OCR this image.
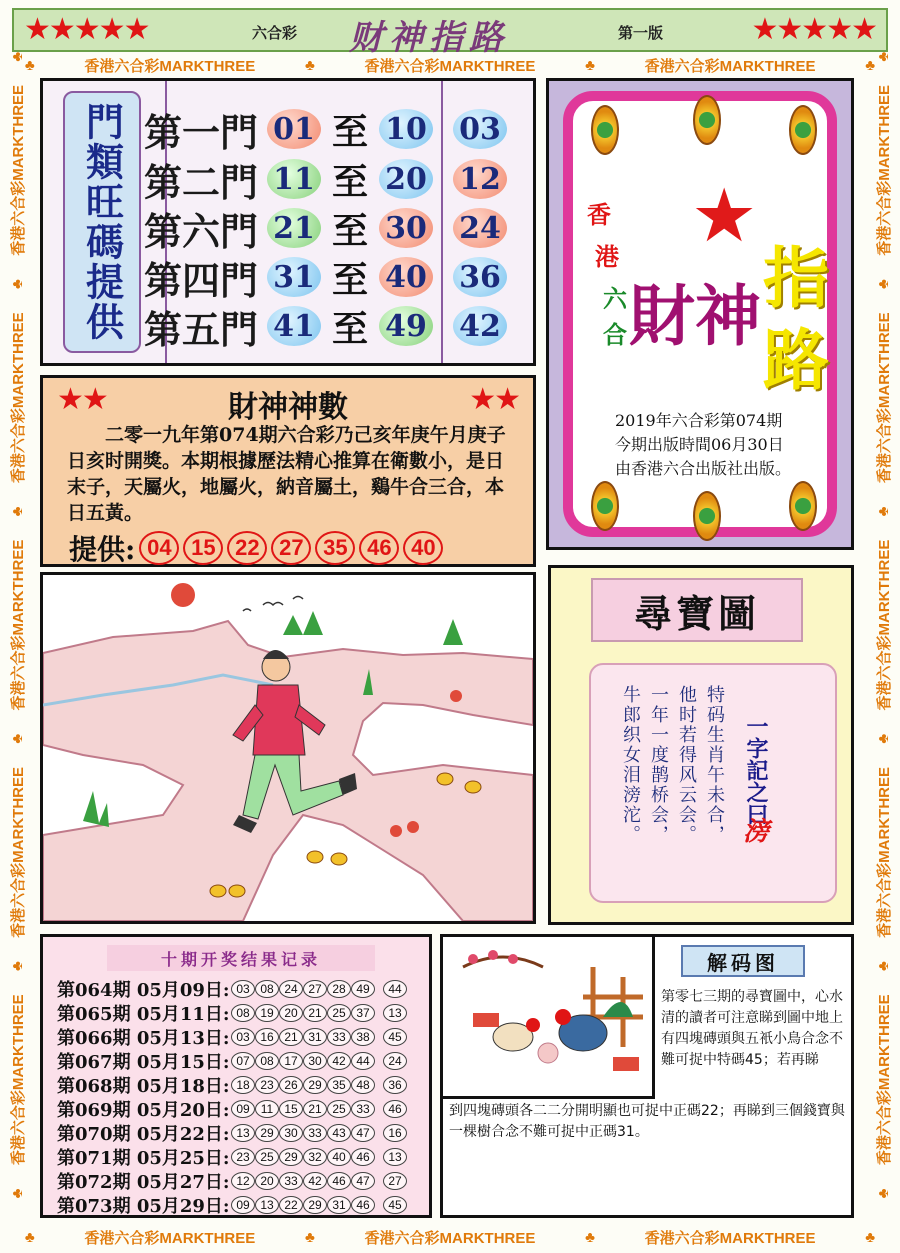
★★★★★	六合彩 财神指路	第一版	★★★★★
♣	香港六合彩MARKTHREE	♣	香港六合彩MARKTHREE	♣	香港六合彩MARKTHREE	♣
♣	香港六合彩MARKTHREE	♣	香港六合彩MARKTHREE	♣	香港六合彩MARKTHREE	♣
♣
香港六合彩MARKTHREE
♣
香港六合彩MARKTHREE
♣
香港六合彩MARKTHREE
♣
香港六合彩MARKTHREE
♣
香港六合彩MARKTHREE
♣
♣
香港六合彩MARKTHREE
♣
香港六合彩MARKTHREE
♣
香港六合彩MARKTHREE
♣
香港六合彩MARKTHREE
♣
香港六合彩MARKTHREE
♣
門類旺碼提供 第一門 01 至 10 03
第二門 11 至 20 12
第六門 21 至 30 24
第四門 31 至 40 36
第五門 41 至 49 42
★
香
港
六
合 財 神 指
路
2019年六合彩第074期
今期出版時間06月30日
由香港六合出版社出版。
★★	財神神數	★★
二零一九年第074期六合彩乃己亥年庚午月庚子日亥时開獎。本期根據歷法精心推算在衛數小，是日末子，天屬火，地屬火，納音屬土，鷄牛合三合，本日五黃。
提供: 04 15 22 27 35 46 40
尋寶圖
特码生肖午未合，
他时若得风云会。
一年一度鹊桥会，
牛郎织女泪滂沱。	一字記之曰
滂
十期开奖结果记录
第064期 05月09日: 03 08 24 27 28 49	44
第065期 05月11日: 08 19 20 21 25 37	13
第066期 05月13日: 03 16 21 31 33 38	45
第067期 05月15日: 07 08 17 30 42 44	24
第068期 05月18日: 18 23 26 29 35 48	36
第069期 05月20日: 09 11 15 21 25 33	46
第070期 05月22日: 13 29 30 33 43 47	16
第071期 05月25日: 23 25 29 32 40 46	13
第072期 05月27日: 12 20 33 42 46 47	27
第073期 05月29日: 09 13 22 29 31 46	45
解码图
第零七三期的尋寶圖中，心水清的讀者可注意睇到圖中地上有四塊磚頭與五衹小鳥合念不難可捉中特碼45；若再睇
到四塊磚頭各二二分開明顯也可捉中正碼22；再睇到三個錢寶與一棵樹合念不難可捉中正碼31。
